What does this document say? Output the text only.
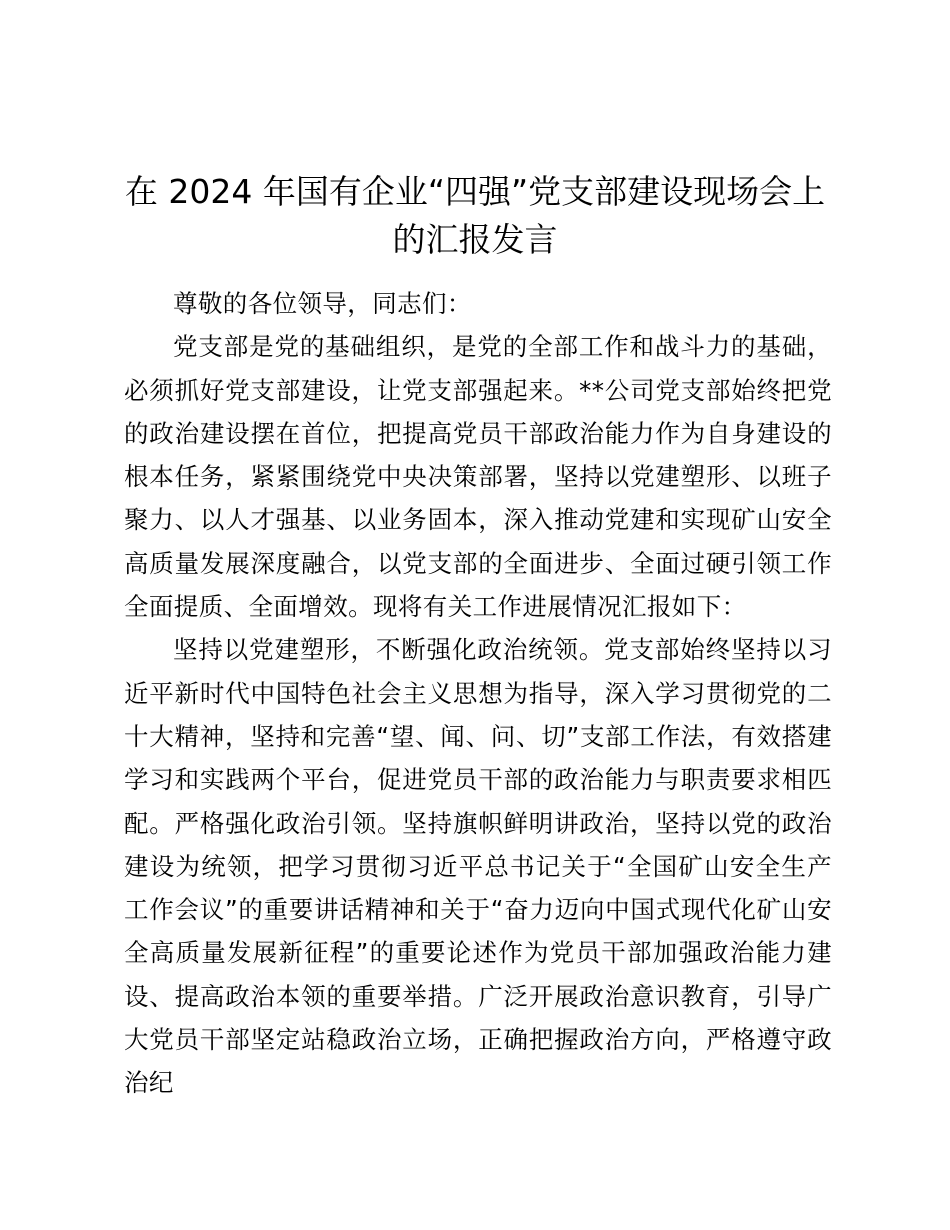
在 2024 年国有企业“四强”党支部建设现场会上的汇报发言

尊敬的各位领导，同志们：

党支部是党的基础组织，是党的全部工作和战斗力的基础，必须抓好党支部建设，让党支部强起来。**公司党支部始终把党的政治建设摆在首位，把提高党员干部政治能力作为自身建设的根本任务，紧紧围绕党中央决策部署，坚持以党建塑形、以班子聚力、以人才强基、以业务固本，深入推动党建和实现矿山安全高质量发展深度融合，以党支部的全面进步、全面过硬引领工作全面提质、全面增效。现将有关工作进展情况汇报如下：

坚持以党建塑形，不断强化政治统领。党支部始终坚持以习近平新时代中国特色社会主义思想为指导，深入学习贯彻党的二十大精神，坚持和完善“望、闻、问、切”支部工作法，有效搭建学习和实践两个平台，促进党员干部的政治能力与职责要求相匹配。严格强化政治引领。坚持旗帜鲜明讲政治，坚持以党的政治建设为统领，把学习贯彻习近平总书记关于“全国矿山安全生产工作会议”的重要讲话精神和关于“奋力迈向中国式现代化矿山安全高质量发展新征程”的重要论述作为党员干部加强政治能力建设、提高政治本领的重要举措。广泛开展政治意识教育，引导广大党员干部坚定站稳政治立场，正确把握政治方向，严格遵守政治纪
